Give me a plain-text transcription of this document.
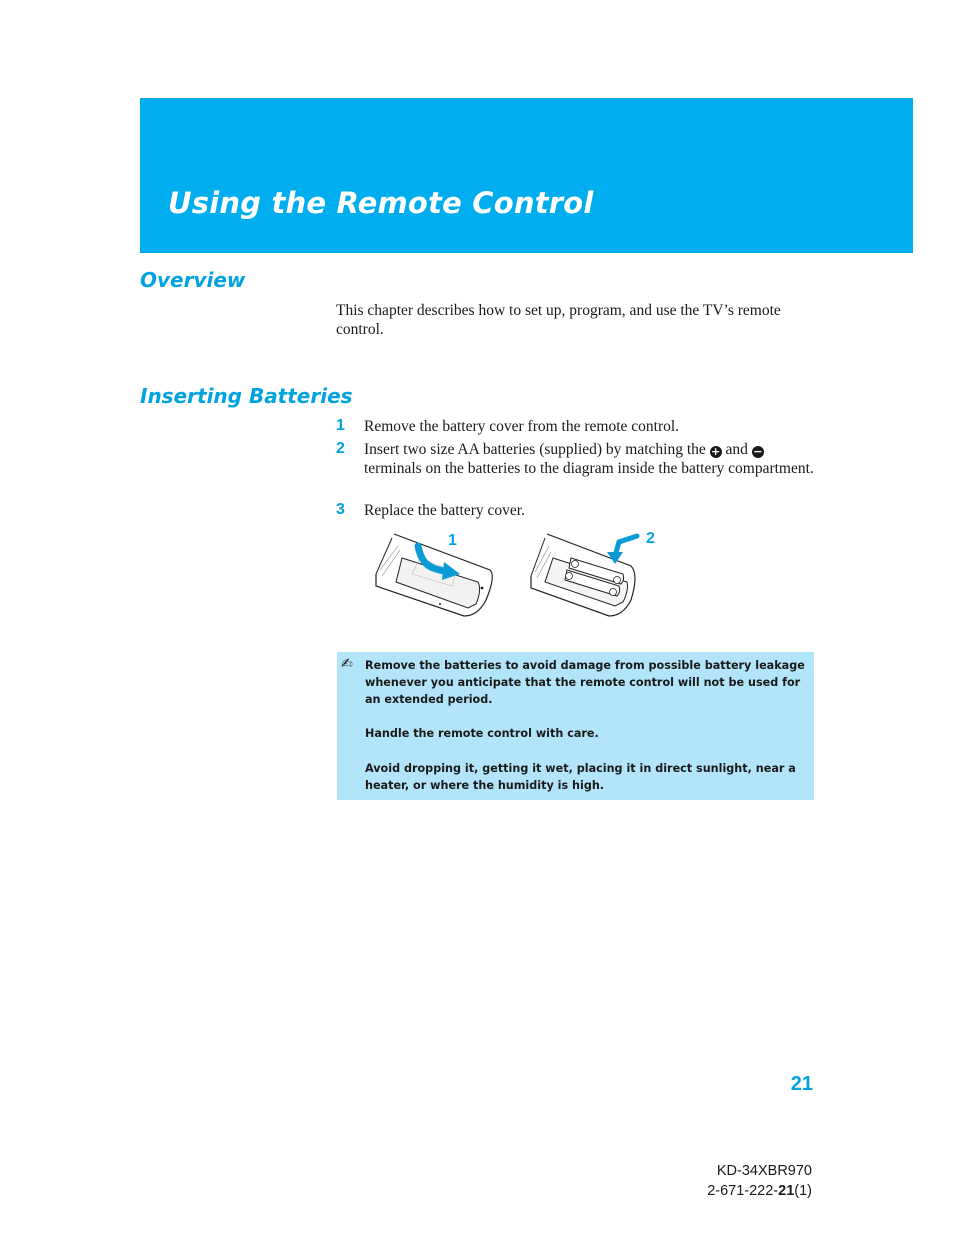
Using the Remote Control
Overview

This chapter describes how to set up, program, and use the TV’s remote control.

Inserting Batteries
1 Remove the battery cover from the remote control.
2 Insert two size AA batteries (supplied) by matching the + and − terminals on the batteries to the diagram inside the battery compartment.
3 Replace the battery cover.
1	2
✍ Remove the batteries to avoid damage from possible battery leakage whenever you anticipate that the remote control will not be used for an extended period.

Handle the remote control with care.

Avoid dropping it, getting it wet, placing it in direct sunlight, near a heater, or where the humidity is high.

21
KD-34XBR970
2-671-222-21(1)
